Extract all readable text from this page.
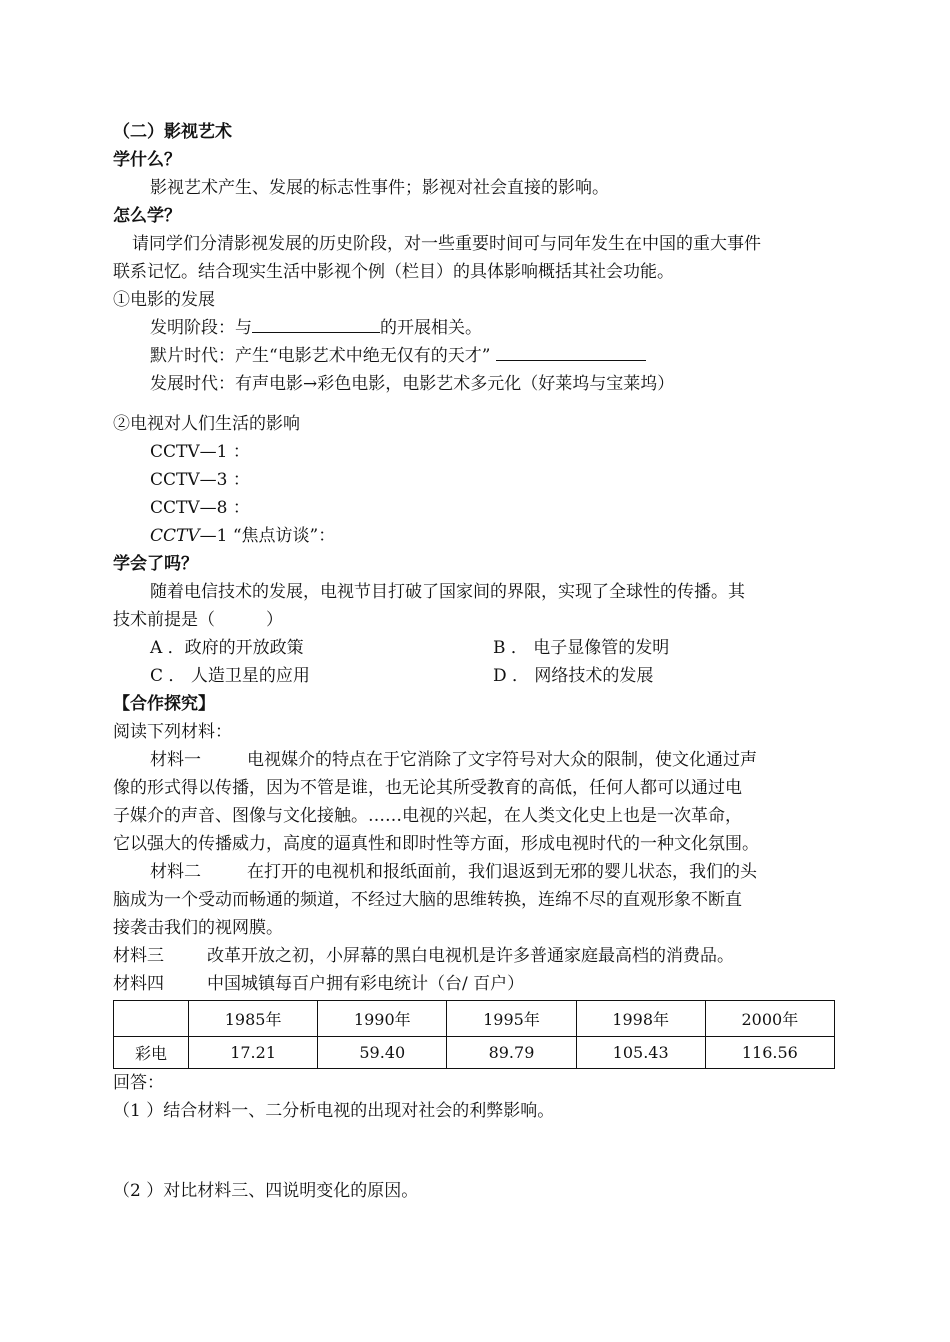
（二）影视艺术
学什么？
影视艺术产生、发展的标志性事件；影视对社会直接的影响。
怎么学？
请同学们分清影视发展的历史阶段，对一些重要时间可与同年发生在中国的重大事件
联系记忆。结合现实生活中影视个例（栏目）的具体影响概括其社会功能。
①电影的发展
发明阶段：与	的开展相关。
默片时代：产生“电影艺术中绝无仅有的天才”
发展时代：有声电影→彩色电影，电影艺术多元化（好莱坞与宝莱坞）
②电视对人们生活的影响
CCTV—1 ：
CCTV—3 ：
CCTV—8 ：
CCTV—1 “焦点访谈”：
学会了吗？
随着电信技术的发展，电视节目打破了国家间的界限，实现了全球性的传播。其
技术前提是（　　　）
A ．政府的开放政策	B ． 电子显像管的发明
C ． 人造卫星的应用	D ． 网络技术的发展
【合作探究】
阅读下列材料：
材料一	电视媒介的特点在于它消除了文字符号对大众的限制，使文化通过声
像的形式得以传播，因为不管是谁，也无论其所受教育的高低，任何人都可以通过电
子媒介的声音、图像与文化接触。……电视的兴起，在人类文化史上也是一次革命，
它以强大的传播威力，高度的逼真性和即时性等方面，形成电视时代的一种文化氛围。
材料二	在打开的电视机和报纸面前，我们退返到无邪的婴儿状态，我们的头
脑成为一个受动而畅通的频道，不经过大脑的思维转换，连绵不尽的直观形象不断直
接袭击我们的视网膜。
材料三	改革开放之初，小屏幕的黑白电视机是许多普通家庭最高档的消费品。
材料四	中国城镇每百户拥有彩电统计（台/ 百户）
	1985年	1990年	1995年	1998年	2000年
彩电	17.21	59.40	89.79	105.43	116.56
回答：
（1 ）结合材料一、二分析电视的出现对社会的利弊影响。
（2 ）对比材料三、四说明变化的原因。
